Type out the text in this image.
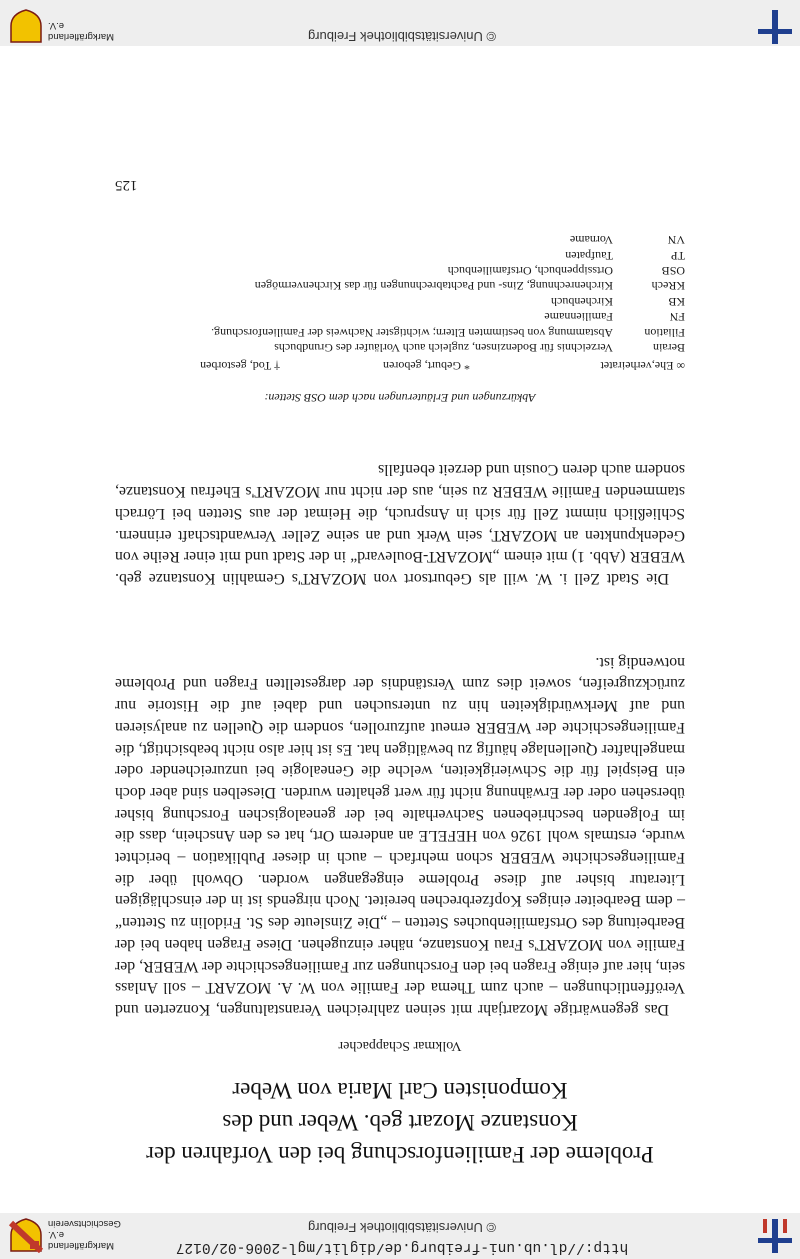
http://dl.ub.uni-freiburg.de/diglit/mgl-2006-02/0127
© Universitätsbibliothek Freiburg
Markgräflerland e.V. Geschichtsverein
Probleme der Familienforschung bei den Vorfahren der
Konstanze Mozart geb. Weber und des
Komponisten Carl Maria von Weber
Volkmar Schappacher

Das gegenwärtige Mozartjahr mit seinen zahlreichen Veranstaltungen, Konzerten und Veröffentlichungen – auch zum Thema der Familie von W. A. MOZART – soll Anlass sein, hier auf einige Fragen bei den Forschungen zur Familiengeschichte der WEBER, der Familie von MOZART's Frau Konstanze, näher einzugehen. Diese Fragen haben bei der Bearbeitung des Ortsfamilienbuches Stetten – „Die Zinsleute des St. Fridolin zu Stetten“ – dem Bearbeiter einiges Kopfzerbrechen bereitet. Noch nirgends ist in der einschlägigen Literatur bisher auf diese Probleme eingegangen worden. Obwohl über die Familiengeschichte WEBER schon mehrfach – auch in dieser Publikation – berichtet wurde, erstmals wohl 1926 von HEFELE an anderem Ort, hat es den Anschein, dass die im Folgenden beschriebenen Sachverhalte bei der genealogischen Forschung bisher übersehen oder der Erwähnung nicht für wert gehalten wurden. Dieselben sind aber doch ein Beispiel für die Schwierigkeiten, welche die Genealogie bei unzureichender oder mangelhafter Quellenlage häufig zu bewältigen hat. Es ist hier also nicht beabsichtigt, die Familiengeschichte der WEBER erneut aufzurollen, sondern die Quellen zu analysieren und auf Merkwürdigkeiten hin zu untersuchen und dabei auf die Historie nur zurückzugreifen, soweit dies zum Verständnis der dargestellten Fragen und Probleme notwendig ist.

Die Stadt Zell i. W. will als Geburtsort von MOZART's Gemahlin Konstanze geb. WEBER (Abb. 1) mit einem „MOZART-Boulevard“ in der Stadt und mit einer Reihe von Gedenkpunkten an MOZART, sein Werk und an seine Zeller Verwandtschaft erinnern. Schließlich nimmt Zell für sich in Anspruch, die Heimat der aus Stetten bei Lörrach stammenden Familie WEBER zu sein, aus der nicht nur MOZART's Ehefrau Konstanze, sondern auch deren Cousin und derzeit ebenfalls

Abkürzungen und Erläuterungen nach dem OSB Stetten:
∞ Ehe,verheiratet
* Geburt, geboren
† Tod, gestorben
Berain
Verzeichnis für Bodenzinsen, zugleich auch Vorläufer des Grundbuchs
Filiation
Abstammung von bestimmten Eltern; wichtigster Nachweis der Familienforschung.
FN
Familienname
KB
Kirchenbuch
KRech
Kirchenrechnung, Zins- und Pachtabrechnungen für das Kirchenvermögen
OSB
Ortssippenbuch, Ortsfamilienbuch
TP
Taufpaten
VN
Vorname
125
© Universitätsbibliothek Freiburg
Markgräflerland e.V.
